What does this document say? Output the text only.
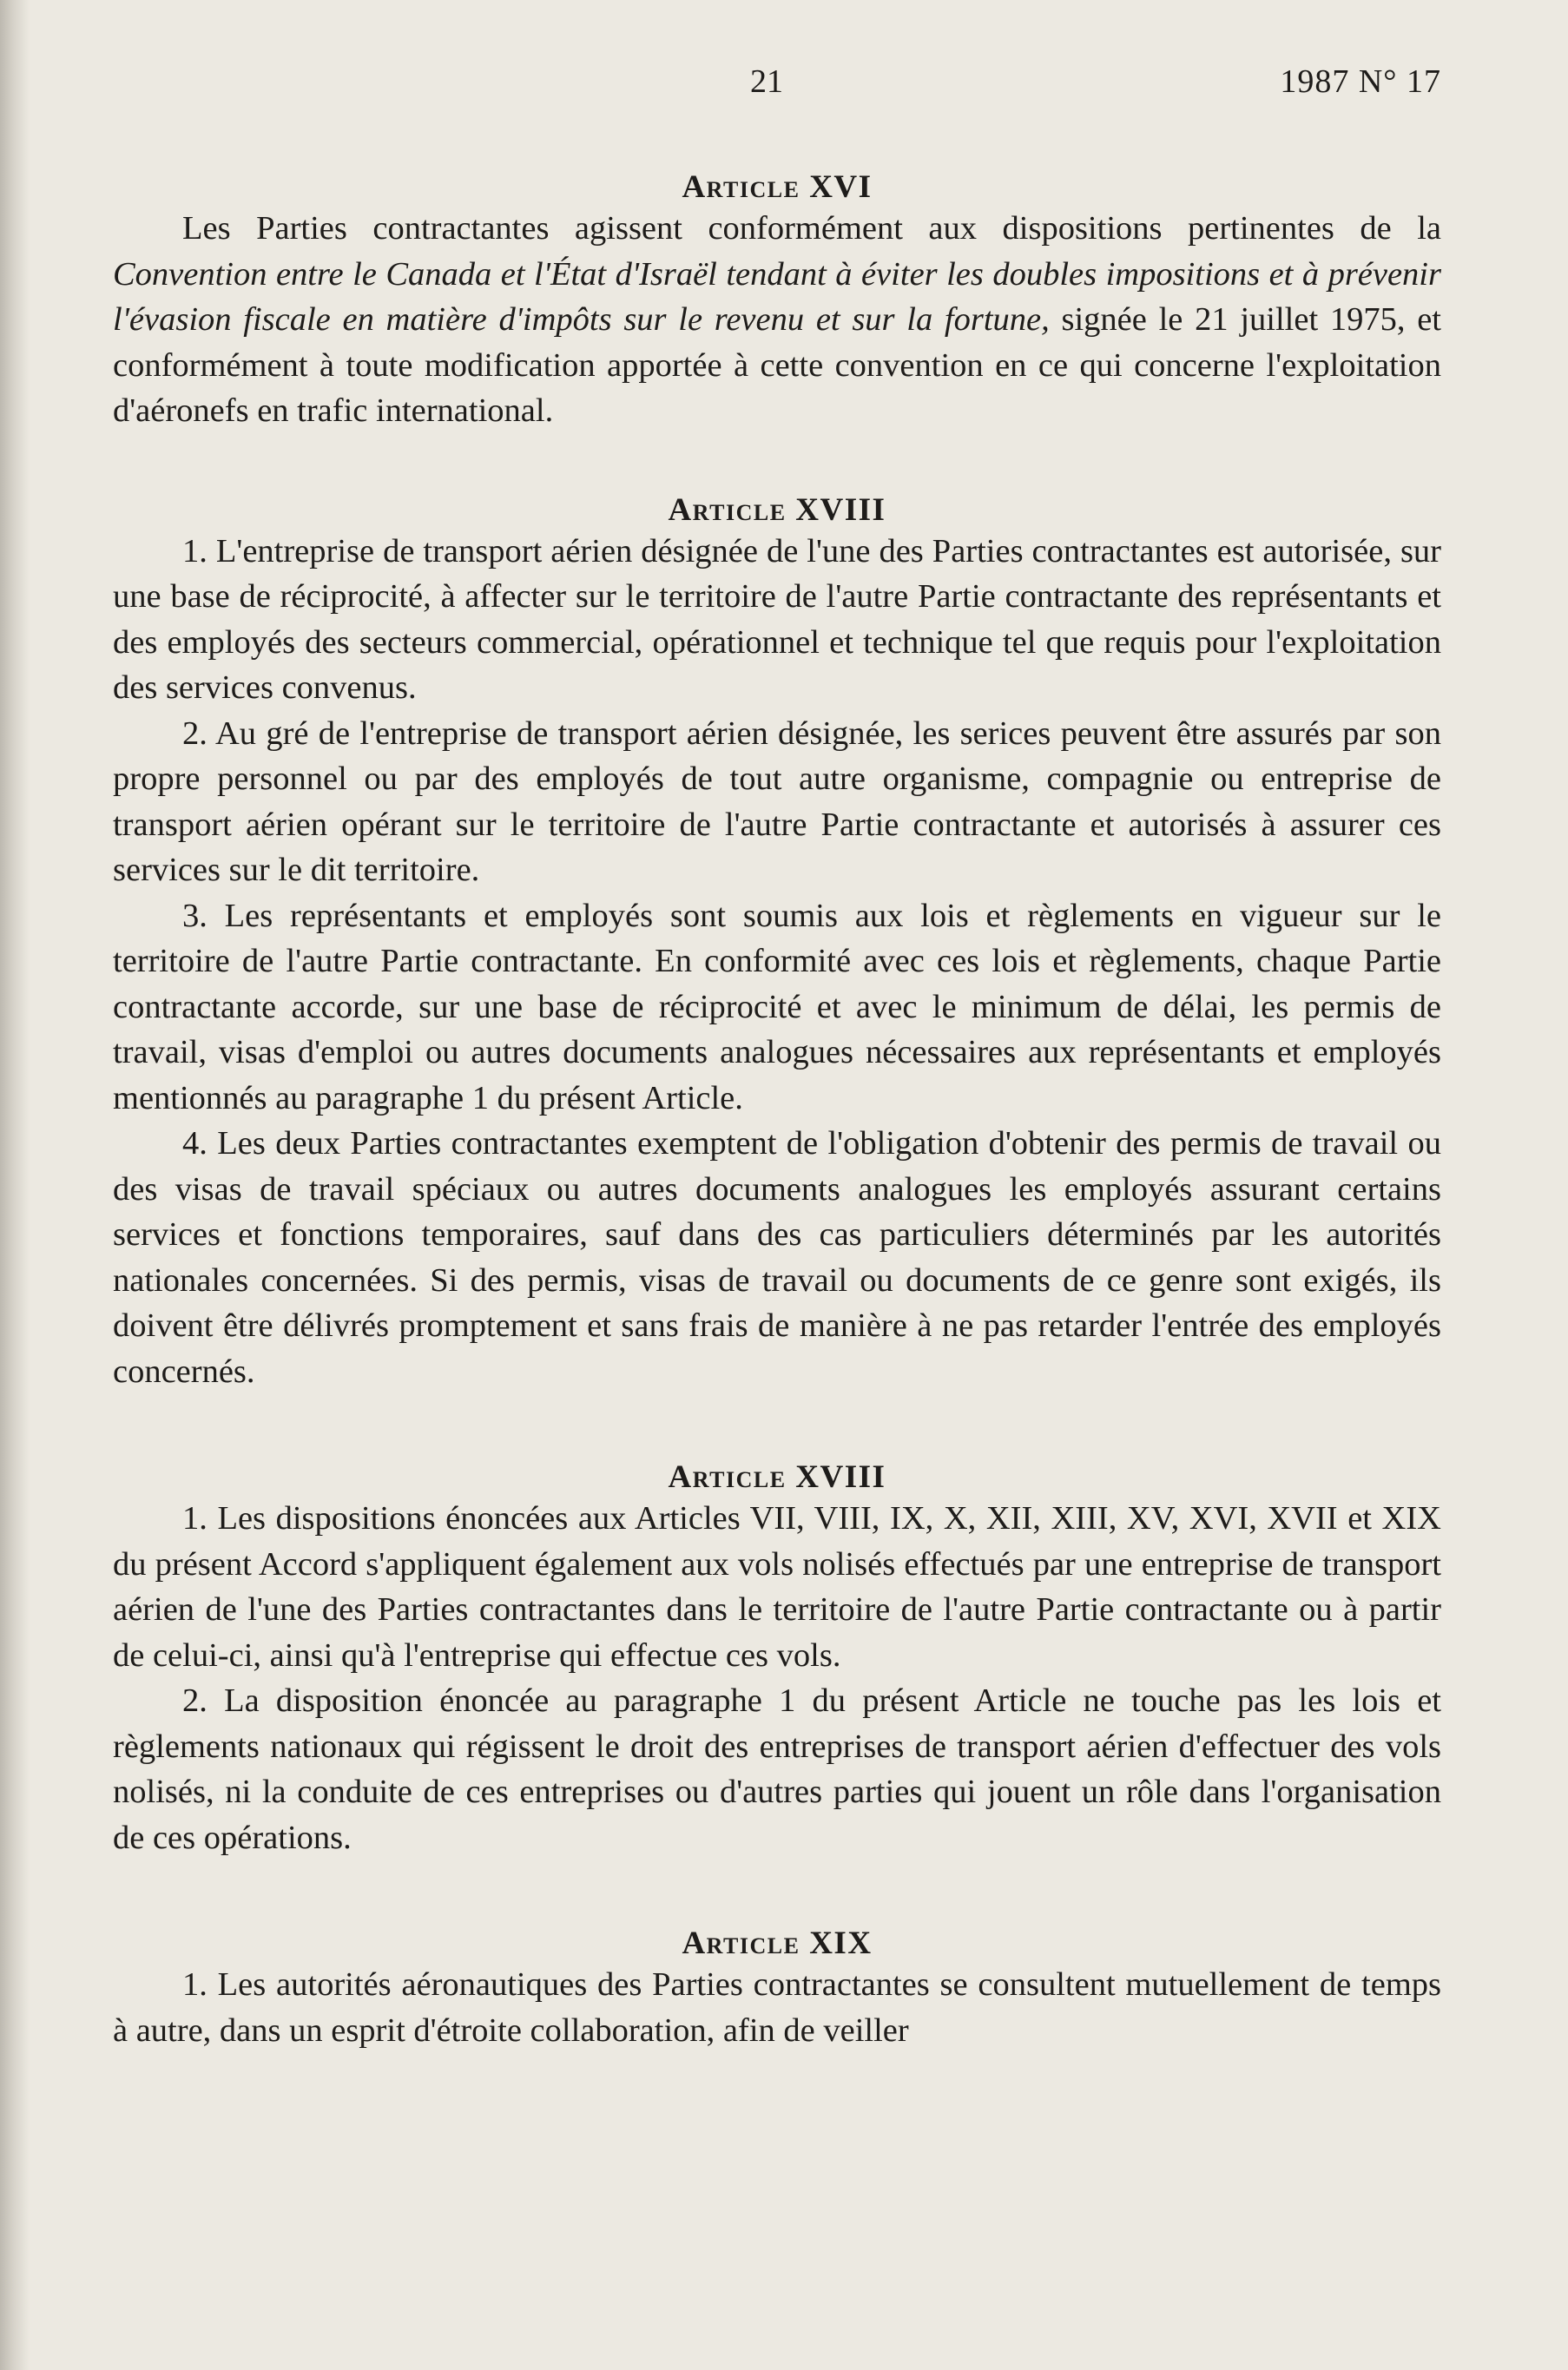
21	1987 N° 17
Article XVI

Les Parties contractantes agissent conformément aux dispositions pertinentes de la Convention entre le Canada et l'État d'Israël tendant à éviter les doubles impositions et à prévenir l'évasion fiscale en matière d'impôts sur le revenu et sur la fortune, signée le 21 juillet 1975, et conformément à toute modification apportée à cette convention en ce qui concerne l'exploitation d'aéronefs en trafic international.

Article XVIII

1. L'entreprise de transport aérien désignée de l'une des Parties contractantes est autorisée, sur une base de réciprocité, à affecter sur le territoire de l'autre Partie contractante des représentants et des employés des secteurs commercial, opérationnel et technique tel que requis pour l'exploitation des services convenus.

2. Au gré de l'entreprise de transport aérien désignée, les serices peuvent être assurés par son propre personnel ou par des employés de tout autre organisme, compagnie ou entreprise de transport aérien opérant sur le territoire de l'autre Partie contractante et autorisés à assurer ces services sur le dit territoire.

3. Les représentants et employés sont soumis aux lois et règlements en vigueur sur le territoire de l'autre Partie contractante. En conformité avec ces lois et règlements, chaque Partie contractante accorde, sur une base de réciprocité et avec le minimum de délai, les permis de travail, visas d'emploi ou autres documents analogues nécessaires aux représentants et employés mentionnés au paragraphe 1 du présent Article.

4. Les deux Parties contractantes exemptent de l'obligation d'obtenir des permis de travail ou des visas de travail spéciaux ou autres documents analogues les employés assurant certains services et fonctions temporaires, sauf dans des cas particuliers déterminés par les autorités nationales concernées. Si des permis, visas de travail ou documents de ce genre sont exigés, ils doivent être délivrés promptement et sans frais de manière à ne pas retarder l'entrée des employés concernés.

Article XVIII

1. Les dispositions énoncées aux Articles VII, VIII, IX, X, XII, XIII, XV, XVI, XVII et XIX du présent Accord s'appliquent également aux vols nolisés effectués par une entreprise de transport aérien de l'une des Parties contractantes dans le territoire de l'autre Partie contractante ou à partir de celui-ci, ainsi qu'à l'entreprise qui effectue ces vols.

2. La disposition énoncée au paragraphe 1 du présent Article ne touche pas les lois et règlements nationaux qui régissent le droit des entreprises de transport aérien d'effectuer des vols nolisés, ni la conduite de ces entreprises ou d'autres parties qui jouent un rôle dans l'organisation de ces opérations.

Article XIX

1. Les autorités aéronautiques des Parties contractantes se consultent mutuellement de temps à autre, dans un esprit d'étroite collaboration, afin de veiller
